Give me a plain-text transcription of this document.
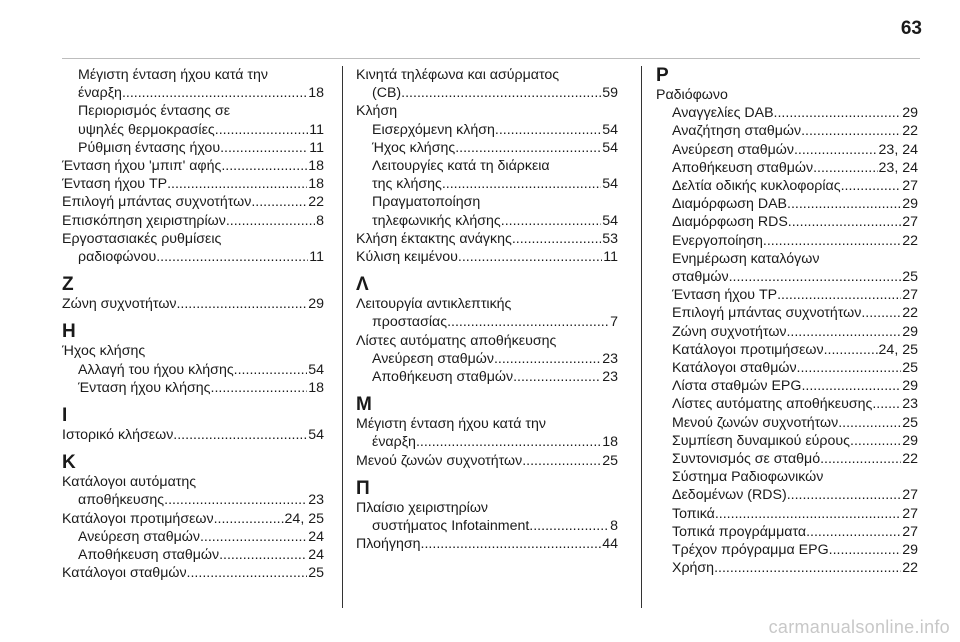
63
Μέγιστη ένταση ήχου κατά την
έναρξη .....	18
Περιορισμός έντασης σε
υψηλές θερμοκρασίες .....	11
Ρύθμιση έντασης ήχου .....	11
Ένταση ήχου 'μπιπ' αφής .....	18
Ένταση ήχου TP .....	18
Επιλογή μπάντας συχνοτήτων .....	22
Επισκόπηση χειριστηρίων .....	8
Εργοστασιακές ρυθμίσεις
ραδιοφώνου .....	11
Ζ
Ζώνη συχνοτήτων .....	29
Η
Ήχος κλήσης
Αλλαγή του ήχου κλήσης .....	54
Ένταση ήχου κλήσης .....	18
Ι
Ιστορικό κλήσεων .....	54
Κ
Κατάλογοι αυτόματης
αποθήκευσης .....	23
Κατάλογοι προτιμήσεων .....	24, 25
Ανεύρεση σταθμών .....	24
Αποθήκευση σταθμών .....	24
Κατάλογοι σταθμών .....	25
Κινητά τηλέφωνα και ασύρματος
(CB) .....	59
Κλήση
Εισερχόμενη κλήση .....	54
Ήχος κλήσης .....	54
Λειτουργίες κατά τη διάρκεια
της κλήσης .....	54
Πραγματοποίηση
τηλεφωνικής κλήσης .....	54
Κλήση έκτακτης ανάγκης .....	53
Κύλιση κειμένου .....	11
Λ
Λειτουργία αντικλεπτικής
προστασίας .....	7
Λίστες αυτόματης αποθήκευσης
Ανεύρεση σταθμών .....	23
Αποθήκευση σταθμών .....	23
Μ
Μέγιστη ένταση ήχου κατά την
έναρξη .....	18
Μενού ζωνών συχνοτήτων .....	25
Π
Πλαίσιο χειριστηρίων
συστήματος Infotainment .....	8
Πλοήγηση .....	44
Ρ
Ραδιόφωνο
Αναγγελίες DAB .....	29
Αναζήτηση σταθμών .....	22
Ανεύρεση σταθμών .....	23, 24
Αποθήκευση σταθμών .....	23, 24
Δελτία οδικής κυκλοφορίας .....	27
Διαμόρφωση DAB .....	29
Διαμόρφωση RDS .....	27
Ενεργοποίηση .....	22
Ενημέρωση καταλόγων
σταθμών .....	25
Ένταση ήχου TP .....	27
Επιλογή μπάντας συχνοτήτων .....	22
Ζώνη συχνοτήτων .....	29
Κατάλογοι προτιμήσεων .....	24, 25
Κατάλογοι σταθμών .....	25
Λίστα σταθμών EPG .....	29
Λίστες αυτόματης αποθήκευσης ..... 23
Μενού ζωνών συχνοτήτων .....	25
Συμπίεση δυναμικού εύρους .....	29
Συντονισμός σε σταθμό .....	22
Σύστημα Ραδιοφωνικών
Δεδομένων (RDS) .....	27
Τοπικά .....	27
Τοπικά προγράμματα .....	27
Τρέχον πρόγραμμα EPG .....	29
Χρήση .....	22
carmanualsonline.info
